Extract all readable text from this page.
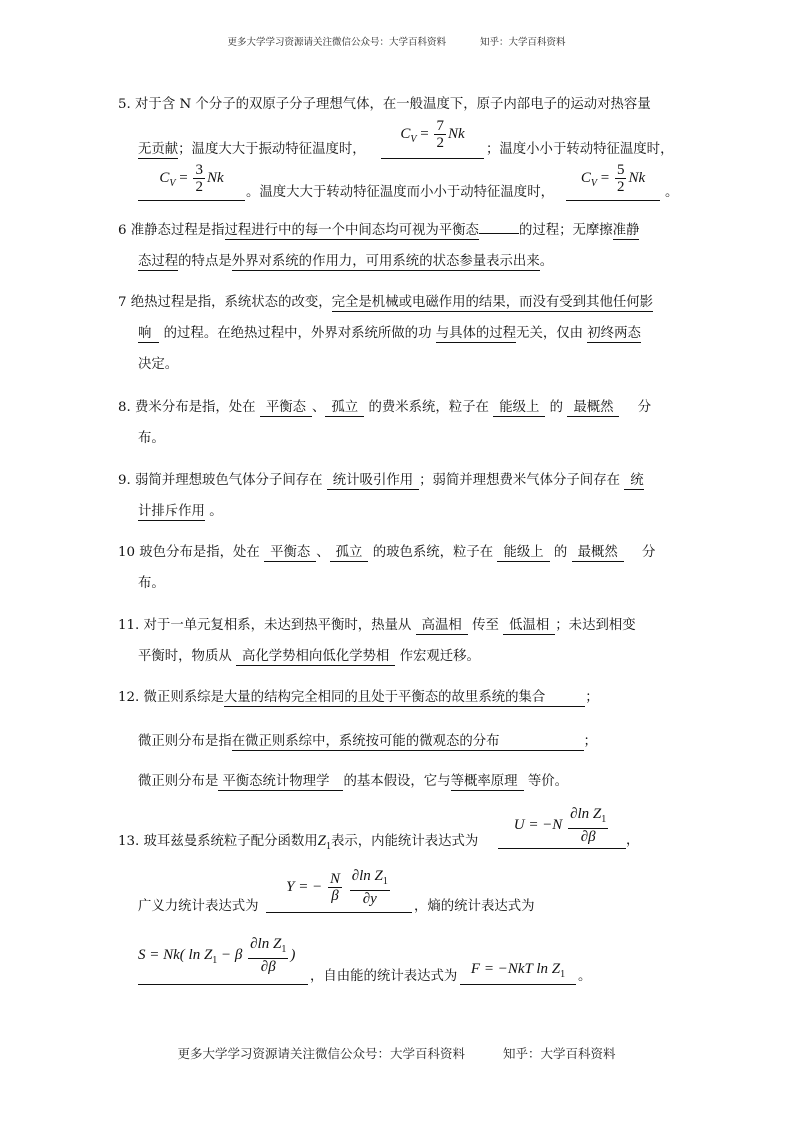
更多大学学习资源请关注微信公众号：大学百科资料	知乎：大学百科资料
5. 对于含 N 个分子的双原子分子理想气体，在一般温度下，原子内部电子的运动对热容量
无贡献；温度大大于振动特征温度时，
$C_V = \frac{7}{2}$ Nk
；温度小小于转动特征温度时，
$C_V = \frac{3}{2}$ Nk
。温度大大于转动特征温度而小小于动特征温度时，
$C_V = \frac{5}{2}$ Nk
。
6 准静态过程是指过程进行中的每一个中间态均可视为平衡态	的过程；无摩擦准静
态过程的特点是外界对系统的作用力，可用系统的状态参量表示出来。
7 绝热过程是指，系统状态的改变，完全是机械或电磁作用的结果，而没有受到其他任何影
响 的过程。在绝热过程中，外界对系统所做的功 与具体的过程无关，仅由 初终两态
决定。
8. 费米分布是指，处在 平衡态 、 孤立 的费米系统，粒子在 能级上 的 最概然 分
布。
9. 弱简并理想玻色气体分子间存在 统计吸引作用 ；弱简并理想费米气体分子间存在 统
计排斥作用 。
10 玻色分布是指，处在 平衡态 、 孤立 的玻色系统，粒子在 能级上 的 最概然 分
布。
11. 对于一单元复相系，未达到热平衡时，热量从 高温相 传至 低温相 ；未达到相变
平衡时，物质从 高化学势相向低化学势相 作宏观迁移。
12. 微正则系综是大量的结构完全相同的且处于平衡态的故里系统的集合	；
微正则分布是指在微正则系综中，系统按可能的微观态的分布	；
微正则分布是 平衡态统计物理学 的基本假设，它与等概率原理 等价。
13. 玻耳兹曼系统粒子配分函数用$Z_1$表示，内能统计表达式为
$U = -N \frac{\partial\ln Z_1}{\partial\beta}$ ，
广义力统计表达式为
Y = − $\frac{N}{\beta}$
$\frac{\partial\ln Z_1}{\partial y}$ ，熵的统计表达式为
S = Nk( $\ln Z_1 - \beta \frac{\partial\ln Z_1}{\partial\beta}$ )
，自由能的统计表达式为 F = −NkT $\ln Z_1$ 。
更多大学学习资源请关注微信公众号：大学百科资料	知乎：大学百科资料
